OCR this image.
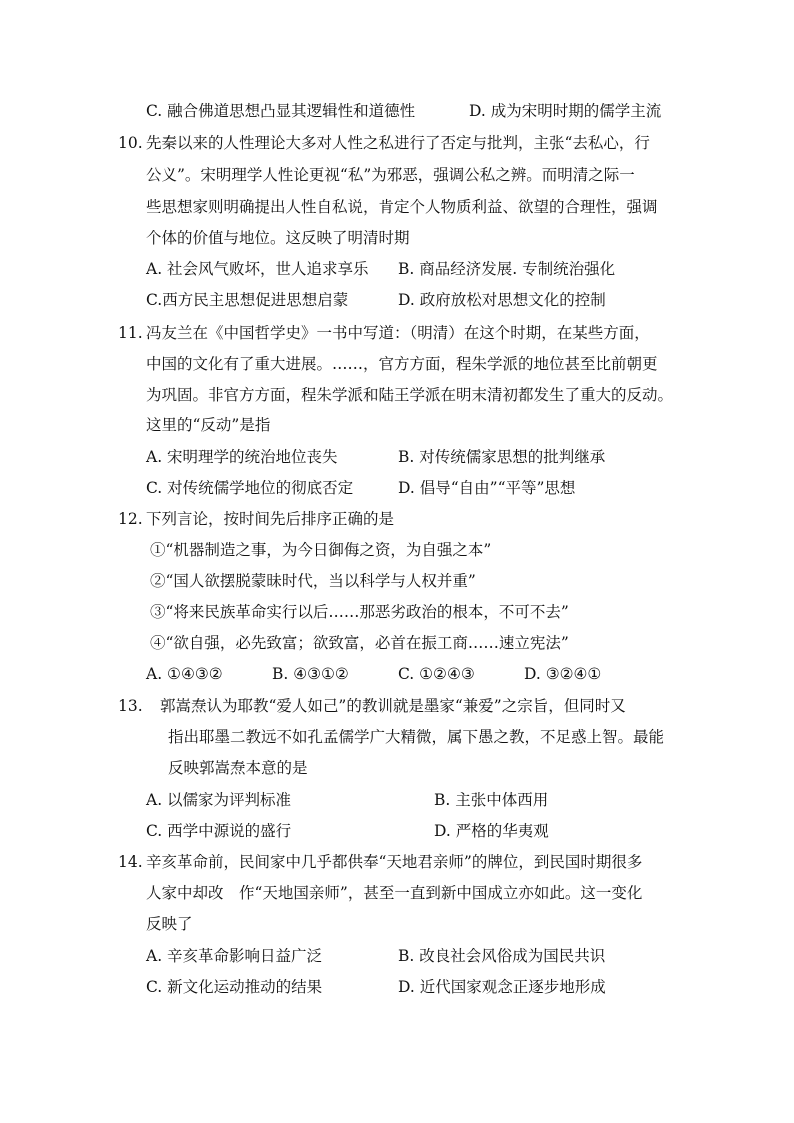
C. 融合佛道思想凸显其逻辑性和道德性	D. 成为宋明时期的儒学主流
10. 先秦以来的人性理论大多对人性之私进行了否定与批判，主张“去私心，行
公义”。宋明理学人性论更视“私”为邪恶，强调公私之辨。而明清之际一
些思想家则明确提出人性自私说，肯定个人物质利益、欲望的合理性，强调
个体的价值与地位。这反映了明清时期
A. 社会风气败坏，世人追求享乐 B. 商品经济发展. 专制统治强化
C.西方民主思想促进思想启蒙	D. 政府放松对思想文化的控制
11. 冯友兰在《中国哲学史》一书中写道：（明清）在这个时期，在某些方面，
中国的文化有了重大进展。……，官方方面，程朱学派的地位甚至比前朝更
为巩固。非官方方面，程朱学派和陆王学派在明末清初都发生了重大的反动。
这里的“反动”是指
A. 宋明理学的统治地位丧失	B. 对传统儒家思想的批判继承
C. 对传统儒学地位的彻底否定	D. 倡导“自由”“平等”思想
12. 下列言论，按时间先后排序正确的是
①“机器制造之事，为今日御侮之资，为自强之本”
②“国人欲摆脱蒙昧时代，当以科学与人权并重”
③“将来民族革命实行以后……那恶劣政治的根本，不可不去”
④“欲自强，必先致富；欲致富，必首在振工商……速立宪法”
A. ①④③②	B. ④③①②	C. ①②④③	D. ③②④①
13. 郭嵩焘认为耶教“爱人如己”的教训就是墨家“兼爱”之宗旨，但同时又
指出耶墨二教远不如孔孟儒学广大精微，属下愚之教，不足惑上智。最能
反映郭嵩焘本意的是
A. 以儒家为评判标准	B. 主张中体西用
C. 西学中源说的盛行	D. 严格的华夷观
14. 辛亥革命前，民间家中几乎都供奉“天地君亲师”的牌位，到民国时期很多
人家中却改　作“天地国亲师”，甚至一直到新中国成立亦如此。这一变化
反映了
A. 辛亥革命影响日益广泛	B. 改良社会风俗成为国民共识
C. 新文化运动推动的结果	D. 近代国家观念正逐步地形成
